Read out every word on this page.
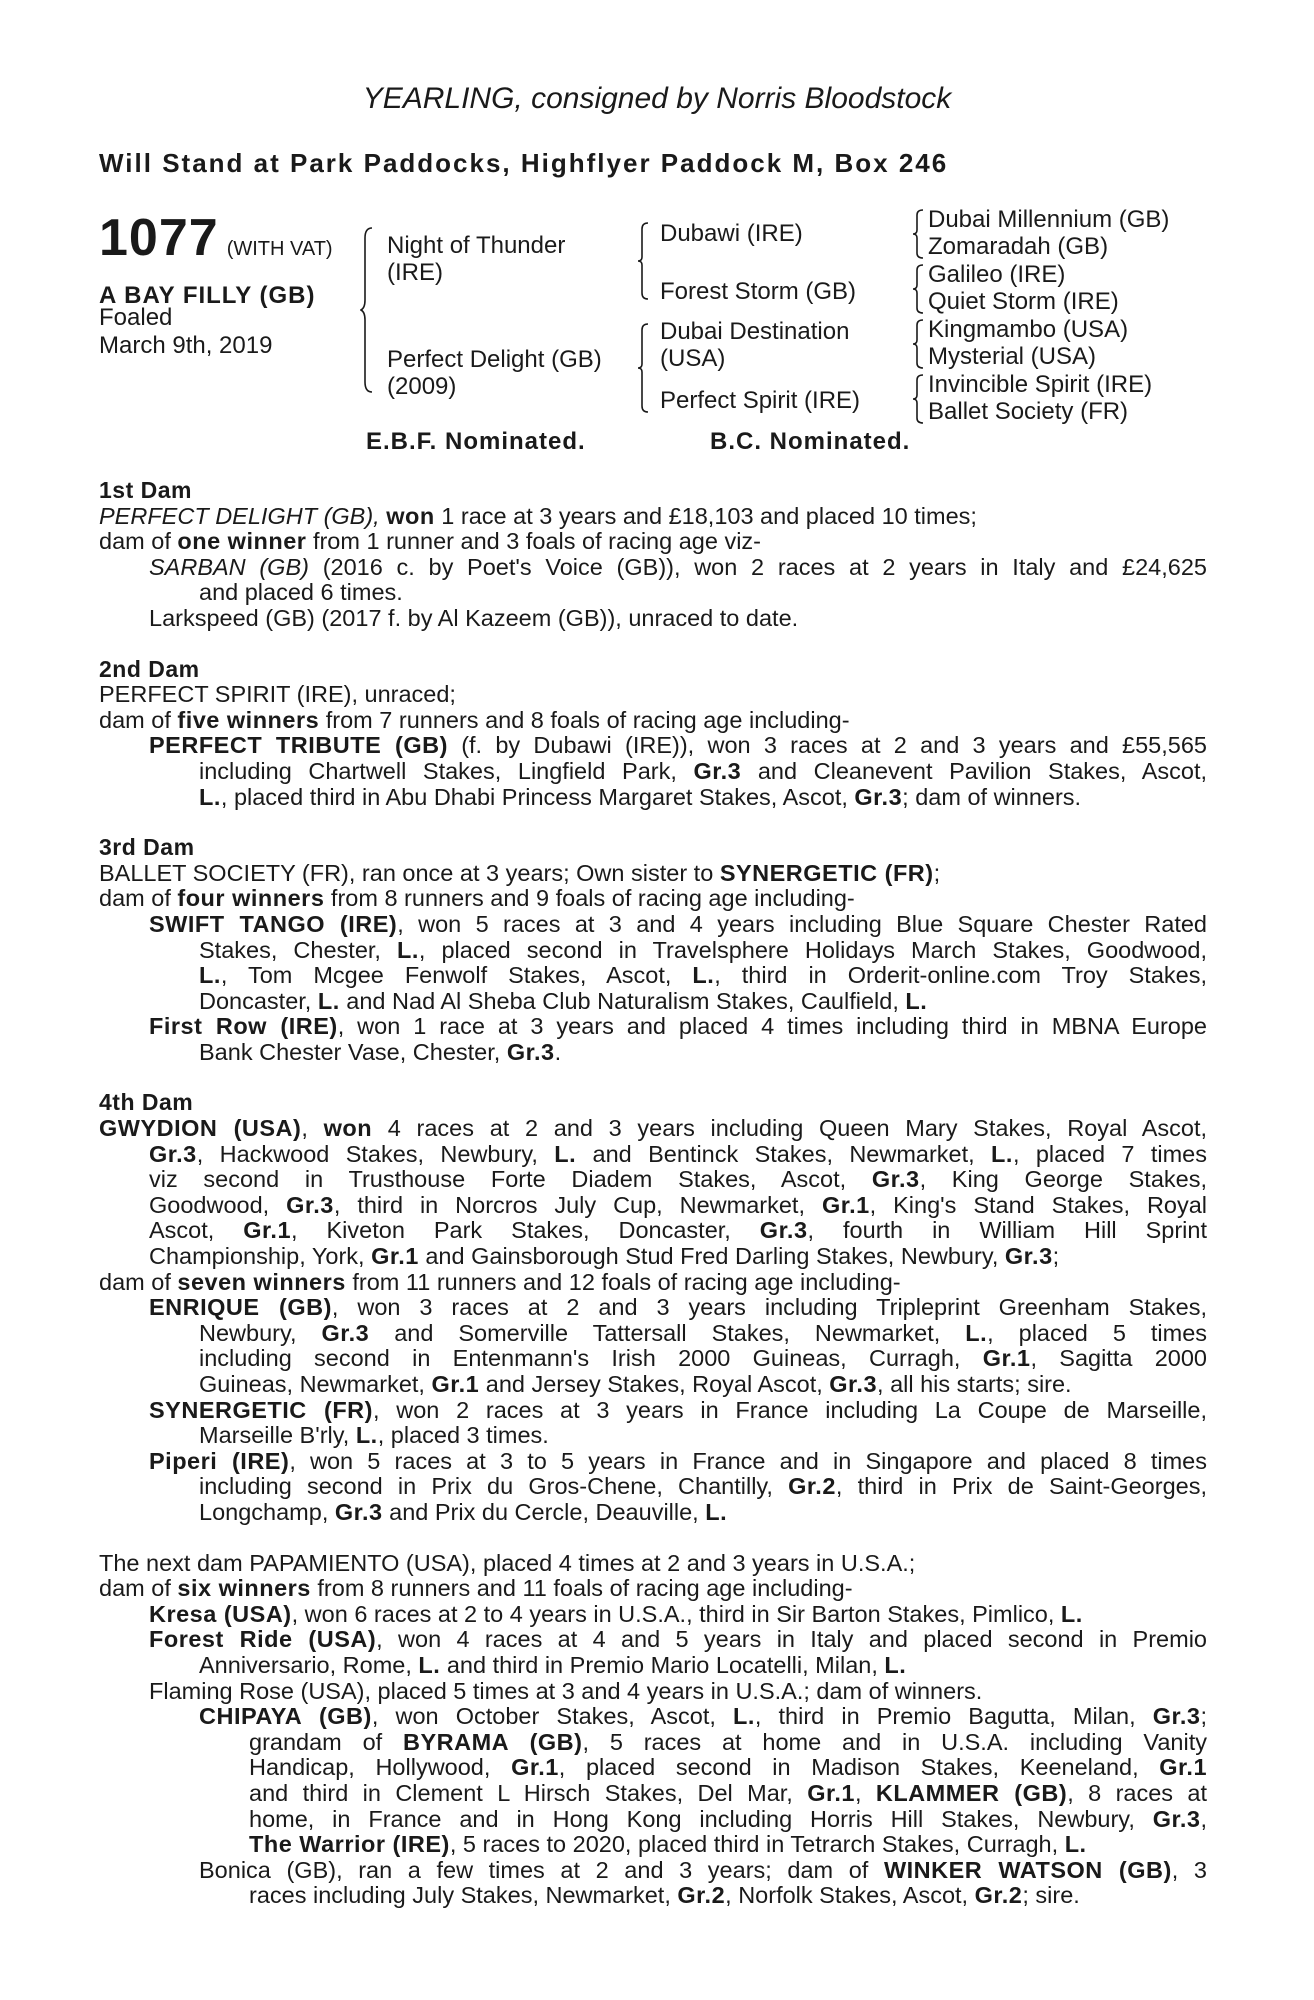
YEARLING, consigned by Norris Bloodstock
Will Stand at Park Paddocks, Highflyer Paddock M, Box 246
1077 (WITH VAT)
A BAY FILLY (GB)
Foaled
March 9th, 2019
Night of Thunder
(IRE)
Perfect Delight (GB)
(2009)
Dubawi (IRE)
Forest Storm (GB)
Dubai Destination
(USA)
Perfect Spirit (IRE)
Dubai Millennium (GB)
Zomaradah (GB)
Galileo (IRE)
Quiet Storm (IRE)
Kingmambo (USA)
Mysterial (USA)
Invincible Spirit (IRE)
Ballet Society (FR)
E.B.F. Nominated.	B.C. Nominated.
1st Dam
PERFECT DELIGHT (GB), won 1 race at 3 years and £18,103 and placed 10 times;
dam of one winner from 1 runner and 3 foals of racing age viz-
SARBAN (GB) (2016 c. by Poet's Voice (GB)), won 2 races at 2 years in Italy and £24,625
and placed 6 times.
Larkspeed (GB) (2017 f. by Al Kazeem (GB)), unraced to date.
2nd Dam
PERFECT SPIRIT (IRE), unraced;
dam of five winners from 7 runners and 8 foals of racing age including-
PERFECT TRIBUTE (GB) (f. by Dubawi (IRE)), won 3 races at 2 and 3 years and £55,565
including Chartwell Stakes, Lingfield Park, Gr.3 and Cleanevent Pavilion Stakes, Ascot,
L., placed third in Abu Dhabi Princess Margaret Stakes, Ascot, Gr.3; dam of winners.
3rd Dam
BALLET SOCIETY (FR), ran once at 3 years; Own sister to SYNERGETIC (FR);
dam of four winners from 8 runners and 9 foals of racing age including-
SWIFT TANGO (IRE), won 5 races at 3 and 4 years including Blue Square Chester Rated
Stakes, Chester, L., placed second in Travelsphere Holidays March Stakes, Goodwood,
L., Tom Mcgee Fenwolf Stakes, Ascot, L., third in Orderit-online.com Troy Stakes,
Doncaster, L. and Nad Al Sheba Club Naturalism Stakes, Caulfield, L.
First Row (IRE), won 1 race at 3 years and placed 4 times including third in MBNA Europe
Bank Chester Vase, Chester, Gr.3.
4th Dam
GWYDION (USA), won 4 races at 2 and 3 years including Queen Mary Stakes, Royal Ascot,
Gr.3, Hackwood Stakes, Newbury, L. and Bentinck Stakes, Newmarket, L., placed 7 times
viz second in Trusthouse Forte Diadem Stakes, Ascot, Gr.3, King George Stakes,
Goodwood, Gr.3, third in Norcros July Cup, Newmarket, Gr.1, King's Stand Stakes, Royal
Ascot, Gr.1, Kiveton Park Stakes, Doncaster, Gr.3, fourth in William Hill Sprint
Championship, York, Gr.1 and Gainsborough Stud Fred Darling Stakes, Newbury, Gr.3;
dam of seven winners from 11 runners and 12 foals of racing age including-
ENRIQUE (GB), won 3 races at 2 and 3 years including Tripleprint Greenham Stakes,
Newbury, Gr.3 and Somerville Tattersall Stakes, Newmarket, L., placed 5 times
including second in Entenmann's Irish 2000 Guineas, Curragh, Gr.1, Sagitta 2000
Guineas, Newmarket, Gr.1 and Jersey Stakes, Royal Ascot, Gr.3, all his starts; sire.
SYNERGETIC (FR), won 2 races at 3 years in France including La Coupe de Marseille,
Marseille B'rly, L., placed 3 times.
Piperi (IRE), won 5 races at 3 to 5 years in France and in Singapore and placed 8 times
including second in Prix du Gros-Chene, Chantilly, Gr.2, third in Prix de Saint-Georges,
Longchamp, Gr.3 and Prix du Cercle, Deauville, L.
The next dam PAPAMIENTO (USA), placed 4 times at 2 and 3 years in U.S.A.;
dam of six winners from 8 runners and 11 foals of racing age including-
Kresa (USA), won 6 races at 2 to 4 years in U.S.A., third in Sir Barton Stakes, Pimlico, L.
Forest Ride (USA), won 4 races at 4 and 5 years in Italy and placed second in Premio
Anniversario, Rome, L. and third in Premio Mario Locatelli, Milan, L.
Flaming Rose (USA), placed 5 times at 3 and 4 years in U.S.A.; dam of winners.
CHIPAYA (GB), won October Stakes, Ascot, L., third in Premio Bagutta, Milan, Gr.3;
grandam of BYRAMA (GB), 5 races at home and in U.S.A. including Vanity
Handicap, Hollywood, Gr.1, placed second in Madison Stakes, Keeneland, Gr.1
and third in Clement L Hirsch Stakes, Del Mar, Gr.1, KLAMMER (GB), 8 races at
home, in France and in Hong Kong including Horris Hill Stakes, Newbury, Gr.3,
The Warrior (IRE), 5 races to 2020, placed third in Tetrarch Stakes, Curragh, L.
Bonica (GB), ran a few times at 2 and 3 years; dam of WINKER WATSON (GB), 3
races including July Stakes, Newmarket, Gr.2, Norfolk Stakes, Ascot, Gr.2; sire.
